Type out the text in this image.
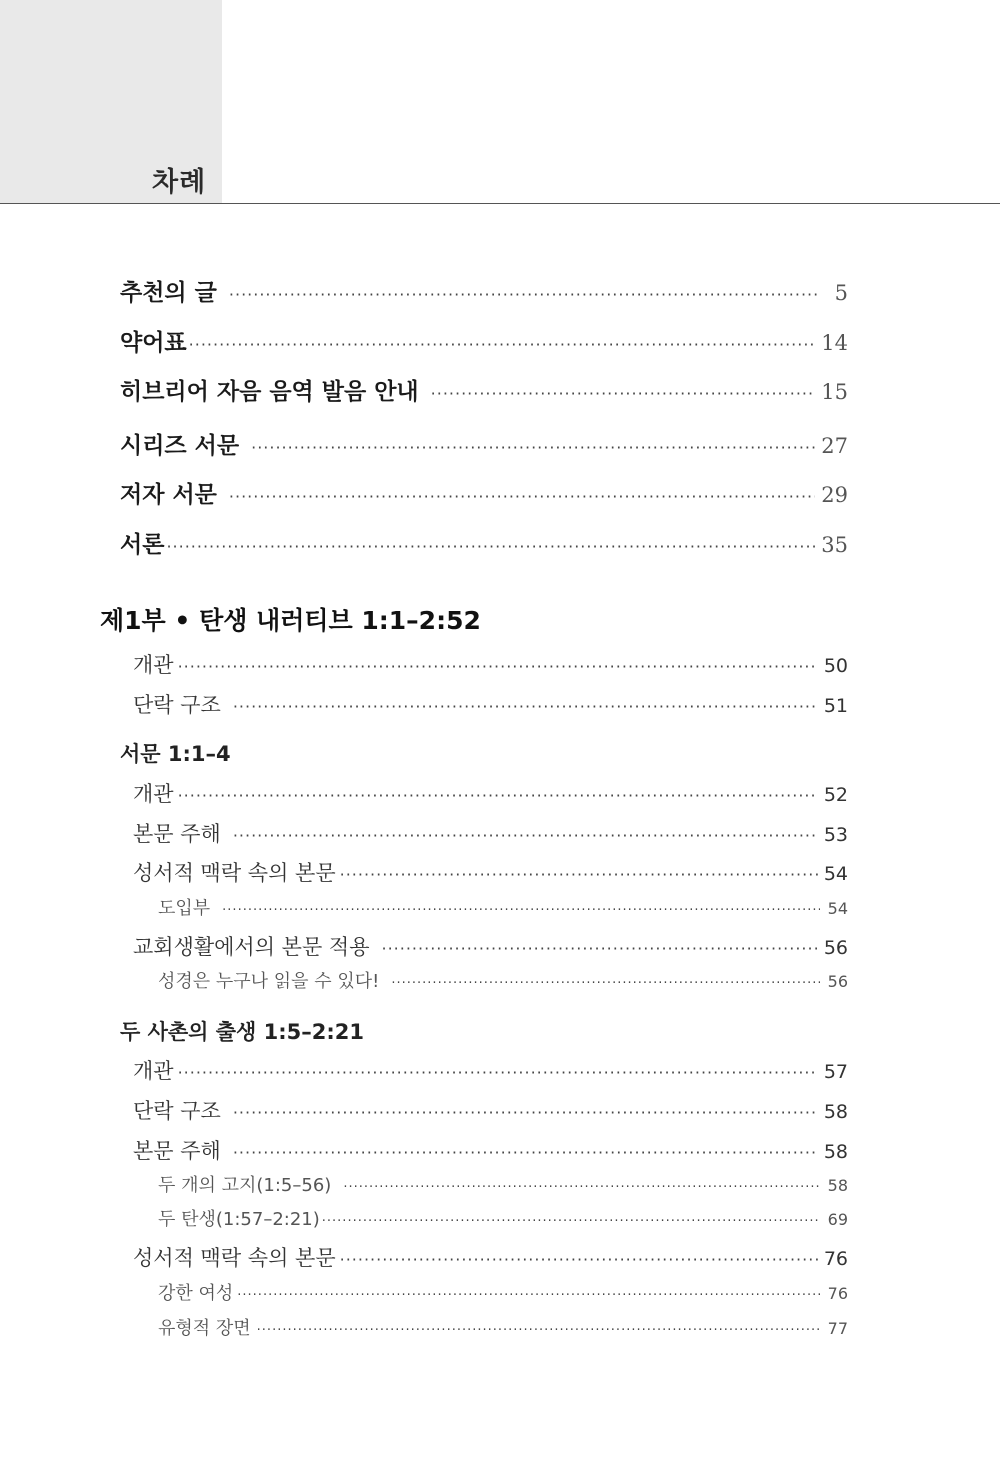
차례
추천의 글 ·····	5
약어표 ·····	14
히브리어 자음 음역 발음 안내 ·····	15
시리즈 서문 ·····	27
저자 서문 ·····	29
서론 ·····	35
제1부 • 탄생 내러티브 1:1–2:52
개관 ·····	50
단락 구조 ·····	51
서문 1:1–4
개관 ·····	52
본문 주해 ·····	53
성서적 맥락 속의 본문 ·····	54
도입부 ·····	54
교회생활에서의 본문 적용 ·····	56
성경은 누구나 읽을 수 있다! ·····	56
두 사촌의 출생 1:5–2:21
개관 ·····	57
단락 구조 ·····	58
본문 주해 ·····	58
두 개의 고지(1:5–56) ·····	58
두 탄생(1:57–2:21) ·····	69
성서적 맥락 속의 본문 ·····	76
강한 여성 ·····	76
유형적 장면 ·····	77
